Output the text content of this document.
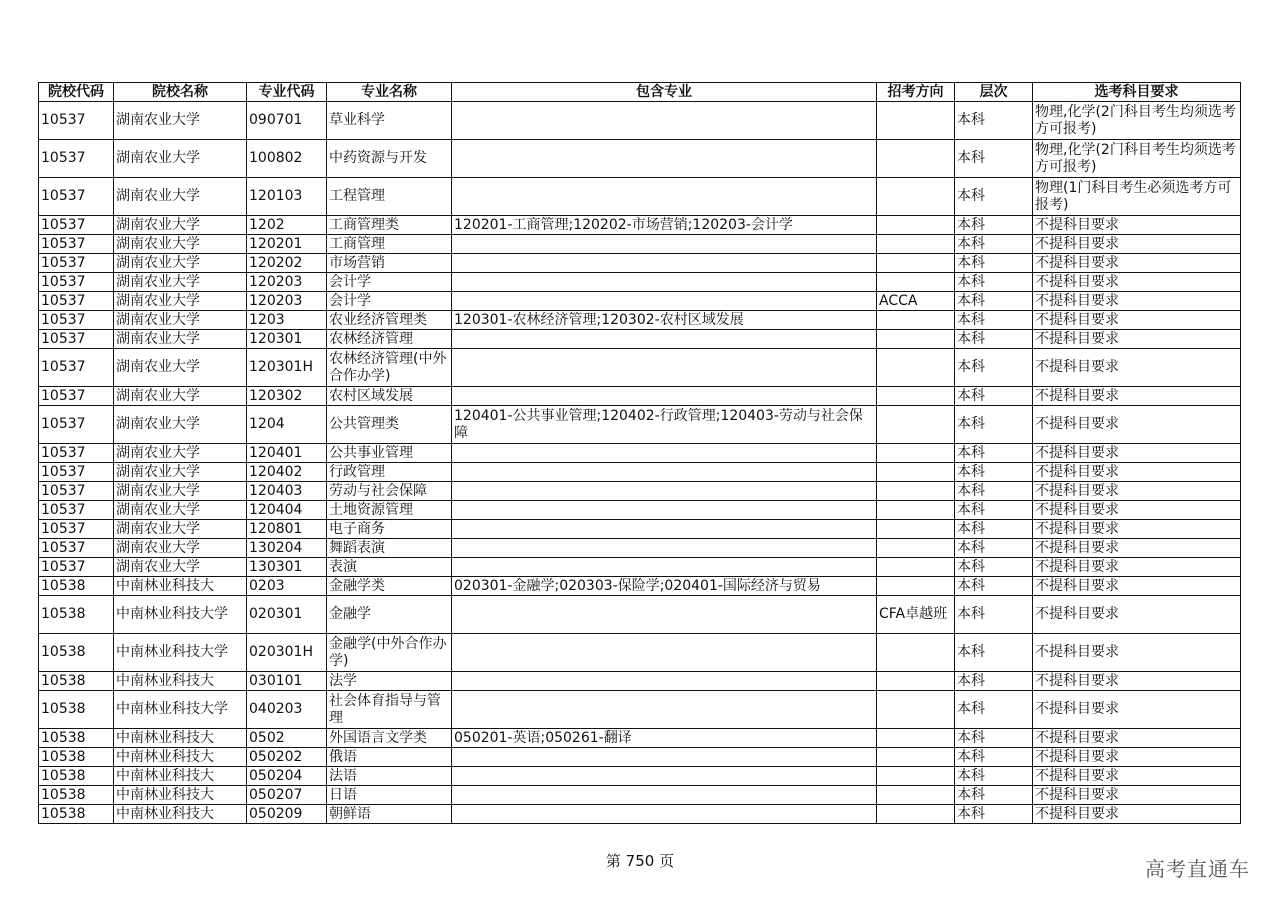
院校代码	院校名称	专业代码	专业名称	包含专业	招考方向	层次	选考科目要求
10537	湖南农业大学	090701	草业科学			本科	物理,化学(2门科目考生均须选考方可报考)
10537	湖南农业大学	100802	中药资源与开发			本科	物理,化学(2门科目考生均须选考方可报考)
10537	湖南农业大学	120103	工程管理			本科	物理(1门科目考生必须选考方可报考)
10537	湖南农业大学	1202	工商管理类	120201-工商管理;120202-市场营销;120203-会计学		本科	不提科目要求
10537	湖南农业大学	120201	工商管理			本科	不提科目要求
10537	湖南农业大学	120202	市场营销			本科	不提科目要求
10537	湖南农业大学	120203	会计学			本科	不提科目要求
10537	湖南农业大学	120203	会计学		ACCA	本科	不提科目要求
10537	湖南农业大学	1203	农业经济管理类	120301-农林经济管理;120302-农村区域发展		本科	不提科目要求
10537	湖南农业大学	120301	农林经济管理			本科	不提科目要求
10537	湖南农业大学	120301H	农林经济管理(中外合作办学)			本科	不提科目要求
10537	湖南农业大学	120302	农村区域发展			本科	不提科目要求
10537	湖南农业大学	1204	公共管理类	120401-公共事业管理;120402-行政管理;120403-劳动与社会保障		本科	不提科目要求
10537	湖南农业大学	120401	公共事业管理			本科	不提科目要求
10537	湖南农业大学	120402	行政管理			本科	不提科目要求
10537	湖南农业大学	120403	劳动与社会保障			本科	不提科目要求
10537	湖南农业大学	120404	土地资源管理			本科	不提科目要求
10537	湖南农业大学	120801	电子商务			本科	不提科目要求
10537	湖南农业大学	130204	舞蹈表演			本科	不提科目要求
10537	湖南农业大学	130301	表演			本科	不提科目要求
10538	中南林业科技大	0203	金融学类	020301-金融学;020303-保险学;020401-国际经济与贸易		本科	不提科目要求
10538	中南林业科技大学	020301	金融学		CFA卓越班	本科	不提科目要求
10538	中南林业科技大学	020301H	金融学(中外合作办学)			本科	不提科目要求
10538	中南林业科技大	030101	法学			本科	不提科目要求
10538	中南林业科技大学	040203	社会体育指导与管理			本科	不提科目要求
10538	中南林业科技大	0502	外国语言文学类	050201-英语;050261-翻译		本科	不提科目要求
10538	中南林业科技大	050202	俄语			本科	不提科目要求
10538	中南林业科技大	050204	法语			本科	不提科目要求
10538	中南林业科技大	050207	日语			本科	不提科目要求
10538	中南林业科技大	050209	朝鲜语			本科	不提科目要求
第 750 页	高考直通车
